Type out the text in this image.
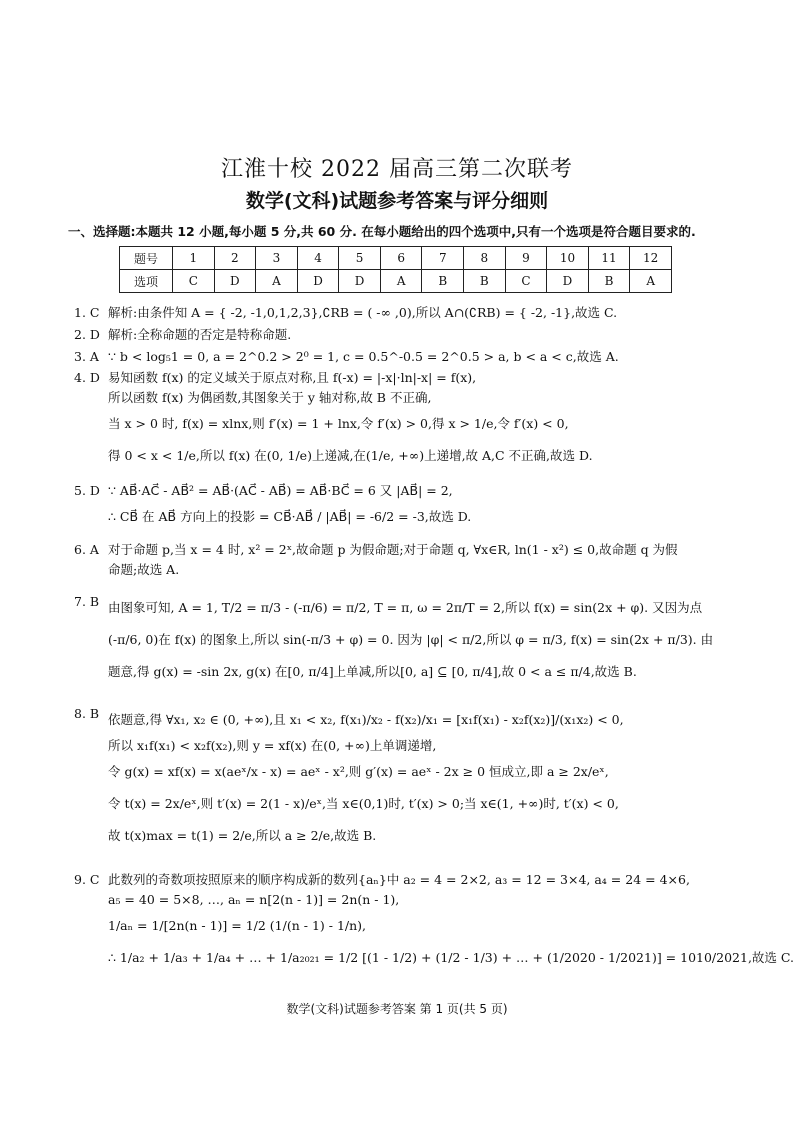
江淮十校 2022 届高三第二次联考
数学(文科)试题参考答案与评分细则
一、选择题:本题共 12 小题,每小题 5 分,共 60 分. 在每小题给出的四个选项中,只有一个选项是符合题目要求的.
题号	1	2	3	4	5	6	7	8	9	10	11	12
选项	C	D	A	D	D	A	B	B	C	D	B	A
1. C 解析:由条件知 A = { -2, -1,0,1,2,3},∁RB = ( -∞ ,0),所以 A∩(∁RB) = { -2, -1},故选 C.
2. D 解析:全称命题的否定是特称命题.
3. A ∵ b < log₅1 = 0, a = 2^0.2 > 2⁰ = 1, c = 0.5^-0.5 = 2^0.5 > a, b < a < c,故选 A.
4. D 易知函数 f(x) 的定义域关于原点对称,且 f(-x) = |-x|·ln|-x| = f(x),
所以函数 f(x) 为偶函数,其图象关于 y 轴对称,故 B 不正确,
当 x > 0 时, f(x) = xlnx,则 f′(x) = 1 + lnx,令 f′(x) > 0,得 x > 1/e,令 f′(x) < 0,
得 0 < x < 1/e,所以 f(x) 在(0, 1/e)上递减,在(1/e, +∞)上递增,故 A,C 不正确,故选 D.
5. D ∵ AB⃗·AC⃗ - AB⃗² = AB⃗·(AC⃗ - AB⃗) = AB⃗·BC⃗ = 6 又 |AB⃗| = 2,
∴ CB⃗ 在 AB⃗ 方向上的投影 = CB⃗·AB⃗ / |AB⃗| = -6/2 = -3,故选 D.
6. A 对于命题 p,当 x = 4 时, x² = 2ˣ,故命题 p 为假命题;对于命题 q, ∀x∈R, ln(1 - x²) ≤ 0,故命题 q 为假
命题;故选 A.
7. B 由图象可知, A = 1, T/2 = π/3 - (-π/6) = π/2, T = π, ω = 2π/T = 2,所以 f(x) = sin(2x + φ). 又因为点
(-π/6, 0)在 f(x) 的图象上,所以 sin(-π/3 + φ) = 0. 因为 |φ| < π/2,所以 φ = π/3, f(x) = sin(2x + π/3). 由
题意,得 g(x) = -sin 2x, g(x) 在[0, π/4]上单减,所以[0, a] ⊆ [0, π/4],故 0 < a ≤ π/4,故选 B.
8. B 依题意,得 ∀x₁, x₂ ∈ (0, +∞),且 x₁ < x₂, f(x₁)/x₂ - f(x₂)/x₁ = [x₁f(x₁) - x₂f(x₂)]/(x₁x₂) < 0,
所以 x₁f(x₁) < x₂f(x₂),则 y = xf(x) 在(0, +∞)上单调递增,
令 g(x) = xf(x) = x(aeˣ/x - x) = aeˣ - x²,则 g′(x) = aeˣ - 2x ≥ 0 恒成立,即 a ≥ 2x/eˣ,
令 t(x) = 2x/eˣ,则 t′(x) = 2(1 - x)/eˣ,当 x∈(0,1)时, t′(x) > 0;当 x∈(1, +∞)时, t′(x) < 0,
故 t(x)max = t(1) = 2/e,所以 a ≥ 2/e,故选 B.
9. C 此数列的奇数项按照原来的顺序构成新的数列{aₙ}中 a₂ = 4 = 2×2, a₃ = 12 = 3×4, a₄ = 24 = 4×6,
a₅ = 40 = 5×8, …, aₙ = n[2(n - 1)] = 2n(n - 1),
1/aₙ = 1/[2n(n - 1)] = 1/2 (1/(n - 1) - 1/n),
∴ 1/a₂ + 1/a₃ + 1/a₄ + … + 1/a₂₀₂₁ = 1/2 [(1 - 1/2) + (1/2 - 1/3) + … + (1/2020 - 1/2021)] = 1010/2021,故选 C.
数学(文科)试题参考答案 第 1 页(共 5 页)
